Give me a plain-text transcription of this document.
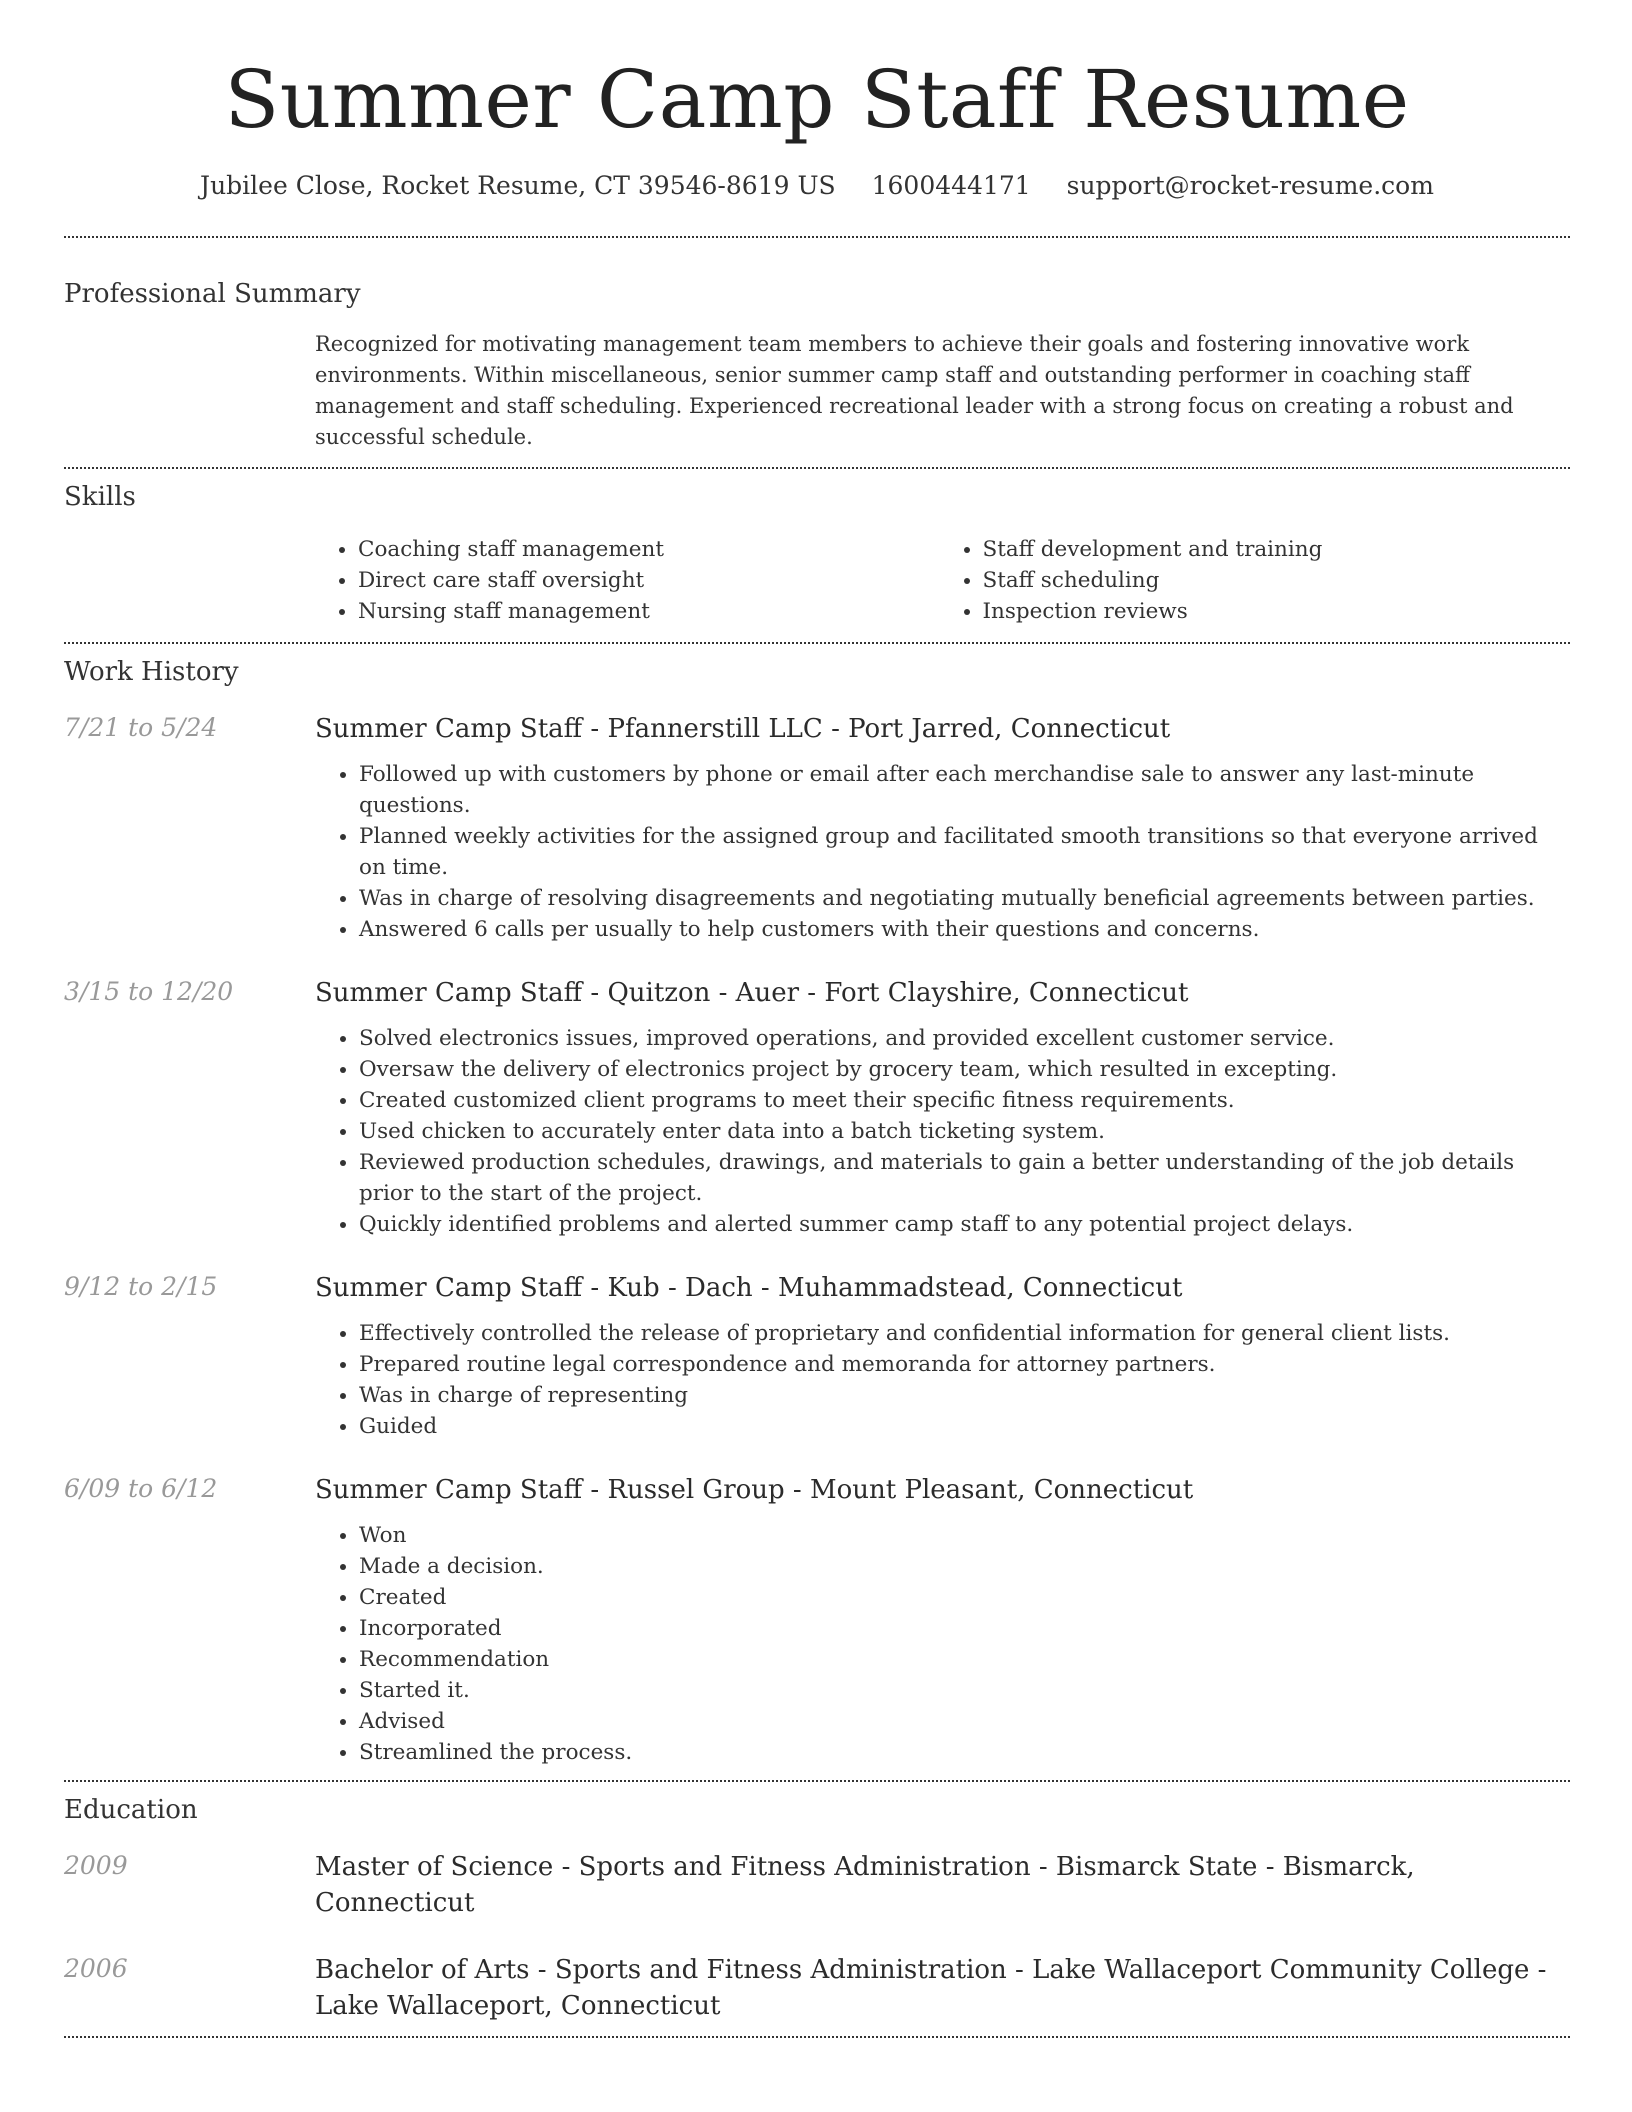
Summer Camp Staff Resume
Jubilee Close, Rocket Resume, CT 39546-8619 US 1600444171 support@rocket-resume.com
Professional Summary

Recognized for motivating management team members to achieve their goals and fostering innovative work environments. Within miscellaneous, senior summer camp staff and outstanding performer in coaching staff management and staff scheduling. Experienced recreational leader with a strong focus on creating a robust and successful schedule.

Skills
• Coaching staff management
• Direct care staff oversight
• Nursing staff management
• Staff development and training
• Staff scheduling
• Inspection reviews
Work History
7/21 to 5/24	Summer Camp Staff - Pfannerstill LLC - Port Jarred, Connecticut

• Followed up with customers by phone or email after each merchandise sale to answer any last-minute questions.
• Planned weekly activities for the assigned group and facilitated smooth transitions so that everyone arrived on time.
• Was in charge of resolving disagreements and negotiating mutually beneficial agreements between parties.
• Answered 6 calls per usually to help customers with their questions and concerns.
3/15 to 12/20	Summer Camp Staff - Quitzon - Auer - Fort Clayshire, Connecticut

• Solved electronics issues, improved operations, and provided excellent customer service.
• Oversaw the delivery of electronics project by grocery team, which resulted in excepting.
• Created customized client programs to meet their specific fitness requirements.
• Used chicken to accurately enter data into a batch ticketing system.
• Reviewed production schedules, drawings, and materials to gain a better understanding of the job details prior to the start of the project.
• Quickly identified problems and alerted summer camp staff to any potential project delays.
9/12 to 2/15	Summer Camp Staff - Kub - Dach - Muhammadstead, Connecticut

• Effectively controlled the release of proprietary and confidential information for general client lists.
• Prepared routine legal correspondence and memoranda for attorney partners.
• Was in charge of representing
• Guided
6/09 to 6/12	Summer Camp Staff - Russel Group - Mount Pleasant, Connecticut

• Won
• Made a decision.
• Created
• Incorporated
• Recommendation
• Started it.
• Advised
• Streamlined the process.
Education
2009	Master of Science - Sports and Fitness Administration - Bismarck State - Bismarck, Connecticut

2006	Bachelor of Arts - Sports and Fitness Administration - Lake Wallaceport Community College - Lake Wallaceport, Connecticut
